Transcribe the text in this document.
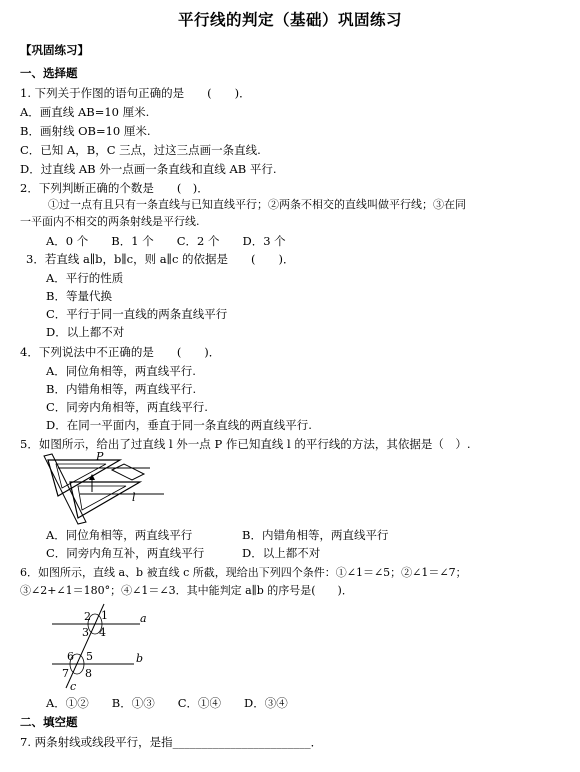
平行线的判定（基础）巩固练习
【巩固练习】
一、选择题
1. 下列关于作图的语句正确的是　　(　　)．
A．画直线 AB=10 厘米.
B．画射线 OB=10 厘米.
C．已知 A，B，C 三点，过这三点画一条直线.
D．过直线 AB 外一点画一条直线和直线 AB 平行.
2．下列判断正确的个数是　　(　)．
①过一点有且只有一条直线与已知直线平行；②两条不相交的直线叫做平行线；③在同
一平面内不相交的两条射线是平行线.
A．0 个　　B．1 个　　C．2 个　　D．3 个
3．若直线 a∥b，b∥c，则 a∥c 的依据是　　(　　)．
A．平行的性质
B．等量代换
C．平行于同一直线的两条直线平行
D．以上都不对
4．下列说法中不正确的是　　(　　)．
A．同位角相等，两直线平行.
B．内错角相等，两直线平行.
C．同旁内角相等，两直线平行.
D．在同一平面内，垂直于同一条直线的两直线平行.
5．如图所示，给出了过直线 l 外一点 P 作已知直线 l 的平行线的方法，其依据是（　）.
P
l
A．同位角相等，两直线平行	B．内错角相等，两直线平行
C．同旁内角互补，两直线平行	D．以上都不对
6．如图所示，直线 a、b 被直线 c 所截，现给出下列四个条件：①∠1＝∠5；②∠1＝∠7；
③∠2+∠1＝180°；④∠1＝∠3．其中能判定 a∥b 的序号是(　　)．
2 1
3 4
6 5
7 8
a
b
c
A．①②　　B．①③　　C．①④　　D．③④
二、填空题
7. 两条射线或线段平行，是指________________________．
